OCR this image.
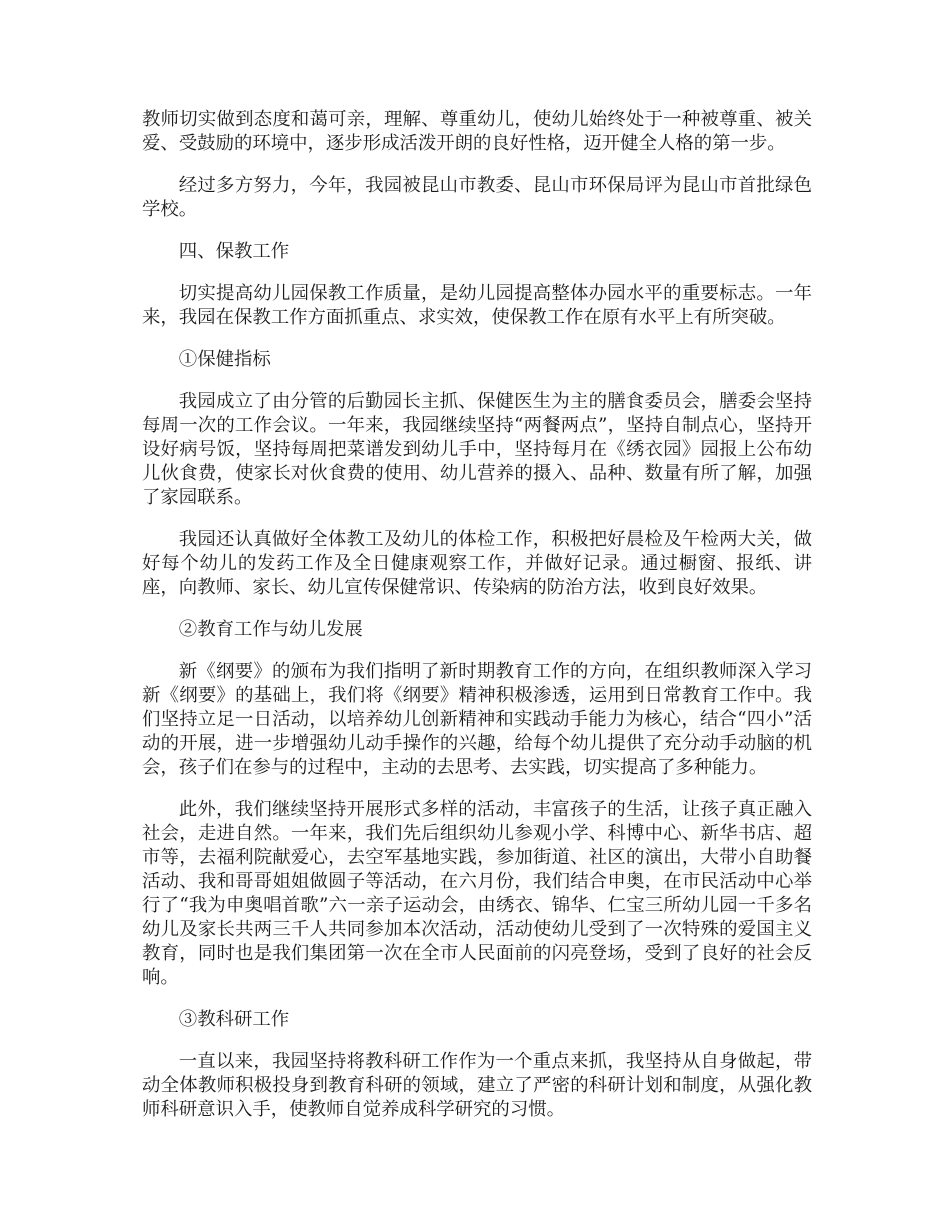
教师切实做到态度和蔼可亲，理解、尊重幼儿，使幼儿始终处于一种被尊重、被关爱、受鼓励的环境中，逐步形成活泼开朗的良好性格，迈开健全人格的第一步。

经过多方努力，今年，我园被昆山市教委、昆山市环保局评为昆山市首批绿色学校。

四、保教工作

切实提高幼儿园保教工作质量，是幼儿园提高整体办园水平的重要标志。一年来，我园在保教工作方面抓重点、求实效，使保教工作在原有水平上有所突破。

①保健指标

我园成立了由分管的后勤园长主抓、保健医生为主的膳食委员会，膳委会坚持每周一次的工作会议。一年来，我园继续坚持“两餐两点”，坚持自制点心，坚持开设好病号饭，坚持每周把菜谱发到幼儿手中，坚持每月在《绣衣园》园报上公布幼儿伙食费，使家长对伙食费的使用、幼儿营养的摄入、品种、数量有所了解，加强了家园联系。

我园还认真做好全体教工及幼儿的体检工作，积极把好晨检及午检两大关，做好每个幼儿的发药工作及全日健康观察工作，并做好记录。通过橱窗、报纸、讲座，向教师、家长、幼儿宣传保健常识、传染病的防治方法，收到良好效果。

②教育工作与幼儿发展

新《纲要》的颁布为我们指明了新时期教育工作的方向，在组织教师深入学习新《纲要》的基础上，我们将《纲要》精神积极渗透，运用到日常教育工作中。我们坚持立足一日活动，以培养幼儿创新精神和实践动手能力为核心，结合“四小”活动的开展，进一步增强幼儿动手操作的兴趣，给每个幼儿提供了充分动手动脑的机会，孩子们在参与的过程中，主动的去思考、去实践，切实提高了多种能力。

此外，我们继续坚持开展形式多样的活动，丰富孩子的生活，让孩子真正融入社会，走进自然。一年来，我们先后组织幼儿参观小学、科博中心、新华书店、超市等，去福利院献爱心，去空军基地实践，参加街道、社区的演出，大带小自助餐活动、我和哥哥姐姐做圆子等活动，在六月份，我们结合申奥，在市民活动中心举行了“我为申奥唱首歌”六一亲子运动会，由绣衣、锦华、仁宝三所幼儿园一千多名幼儿及家长共两三千人共同参加本次活动，活动使幼儿受到了一次特殊的爱国主义教育，同时也是我们集团第一次在全市人民面前的闪亮登场，受到了良好的社会反响。

③教科研工作

一直以来，我园坚持将教科研工作作为一个重点来抓，我坚持从自身做起，带动全体教师积极投身到教育科研的领域，建立了严密的科研计划和制度，从强化教师科研意识入手，使教师自觉养成科学研究的习惯。
